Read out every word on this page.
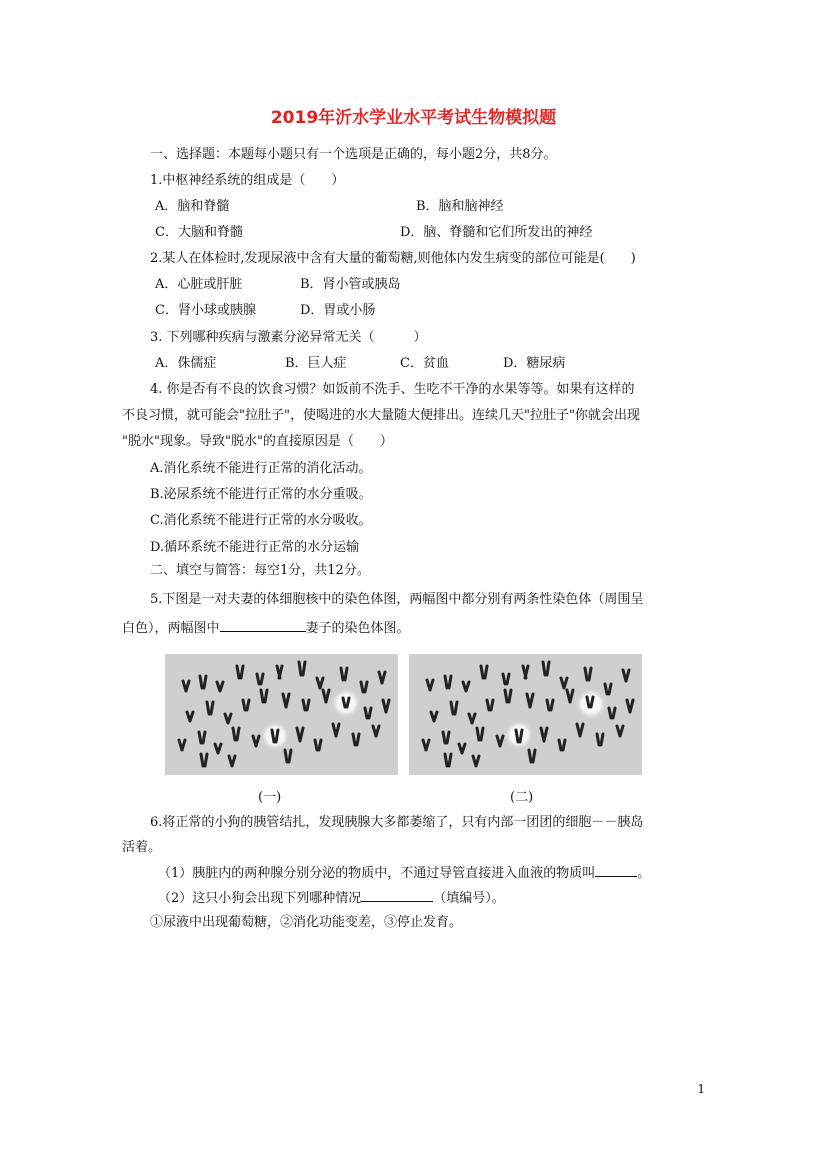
2019年沂水学业水平考试生物模拟题
一、选择题：本题每小题只有一个选项是正确的，每小题2分，共8分。
1.中枢神经系统的组成是（　　）
A．脑和脊髓	B．脑和脑神经
C．大脑和脊髓	D．脑、脊髓和它们所发出的神经
2.某人在体检时,发现尿液中含有大量的葡萄糖,则他体内发生病变的部位可能是(　　)
A．心脏或肝脏	B．肾小管或胰岛
C．肾小球或胰腺	D．胃或小肠
3. 下列哪种疾病与激素分泌异常无关（　　　）
A．侏儒症	B．巨人症	C．贫血	D．糖尿病
4. 你是否有不良的饮食习惯？如饭前不洗手、生吃不干净的水果等等。如果有这样的
不良习惯，就可能会"拉肚子"，使喝进的水大量随大便排出。连续几天"拉肚子"你就会出现
"脱水"现象。导致"脱水"的直接原因是（　　）
A.消化系统不能进行正常的消化活动。
B.泌尿系统不能进行正常的水分重吸。
C.消化系统不能进行正常的水分吸收。
D.循环系统不能进行正常的水分运输
二、填空与简答：每空1分，共12分。
5.下图是一对夫妻的体细胞核中的染色体图，两幅图中都分别有两条性染色体（周围呈
白色），两幅图中	妻子的染色体图。
(一)	(二)
6.将正常的小狗的胰管结扎，发现胰腺大多都萎缩了，只有内部一团团的细胞－－胰岛
活着。
（1）胰脏内的两种腺分别分泌的物质中，不通过导管直接进入血液的物质叫	。
（2）这只小狗会出现下列哪种情况	（填编号）。
①尿液中出现葡萄糖，②消化功能变差，③停止发育。
1
